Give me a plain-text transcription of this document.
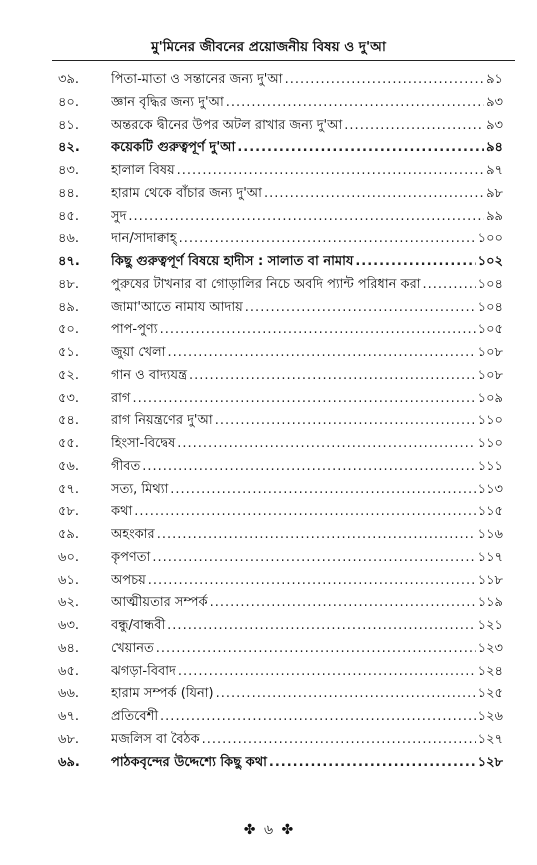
মু'মিনের জীবনের প্রয়োজনীয় বিষয় ও দু'আ
৩৯. পিতা-মাতা ও সন্তানের জন্য দু'আ .....	৯১
৪০. জ্ঞান বৃদ্ধির জন্য দু'আ .....	৯৩
৪১. অন্তরকে দ্বীনের উপর অটল রাখার জন্য দু'আ .....	৯৩
৪২. কয়েকটি গুরুত্বপূর্ণ দু'আ .....	৯৪
৪৩. হালাল বিষয় .....	৯৭
৪৪. হারাম থেকে বাঁচার জন্য দু'আ .....	৯৮
৪৫. সুদ .....	৯৯
৪৬. দান/সাদাক্বাহ্ .....	১০০
৪৭. কিছু গুরুত্বপূর্ণ বিষয়ে হাদীস : সালাত বা নামায .....	১০২
৪৮. পুরুষের টাখনার বা গোড়ালির নিচে অবদি প্যান্ট পরিধান করা .....	১০৪
৪৯. জামা'আতে নামায আদায় .....	১০৪
৫০. পাপ-পুণ্য .....	১০৫
৫১. জুয়া খেলা .....	১০৮
৫২. গান ও বাদ্যযন্ত্র .....	১০৮
৫৩. রাগ .....	১০৯
৫৪. রাগ নিয়ন্ত্রণের দু'আ .....	১১০
৫৫. হিংসা-বিদ্বেষ .....	১১০
৫৬. গীবত .....	১১১
৫৭. সত্য, মিথ্যা .....	১১৩
৫৮. কথা .....	১১৫
৫৯. অহংকার .....	১১৬
৬০. কৃপণতা .....	১১৭
৬১. অপচয় .....	১১৮
৬২. আত্মীয়তার সম্পর্ক .....	১১৯
৬৩. বন্ধু/বান্ধবী .....	১২১
৬৪. খেয়ানত .....	১২৩
৬৫. ঝগড়া-বিবাদ .....	১২৪
৬৬. হারাম সম্পর্ক (যিনা) .....	১২৫
৬৭. প্রতিবেশী .....	১২৬
৬৮. মজলিস বা বৈঠক .....	১২৭
৬৯. পাঠকবৃন্দের উদ্দেশ্যে কিছু কথা .....	১২৮
✤ ৬ ✤
